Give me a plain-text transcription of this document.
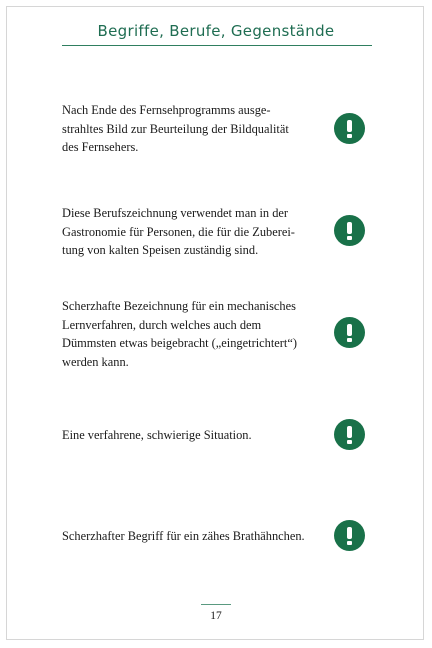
Begriffe, Berufe, Gegenstände
Nach Ende des Fernsehprogramms ausge-
strahltes Bild zur Beurteilung der Bildqualität
des Fernsehers.
Diese Berufszeichnung verwendet man in der
Gastronomie für Personen, die für die Zuberei-
tung von kalten Speisen zuständig sind.
Scherzhafte Bezeichnung für ein mechanisches
Lernverfahren, durch welches auch dem
Dümmsten etwas beigebracht („eingetrichtert“)
werden kann.
Eine verfahrene, schwierige Situation.
Scherzhafter Begriff für ein zähes Brathähnchen.
17
